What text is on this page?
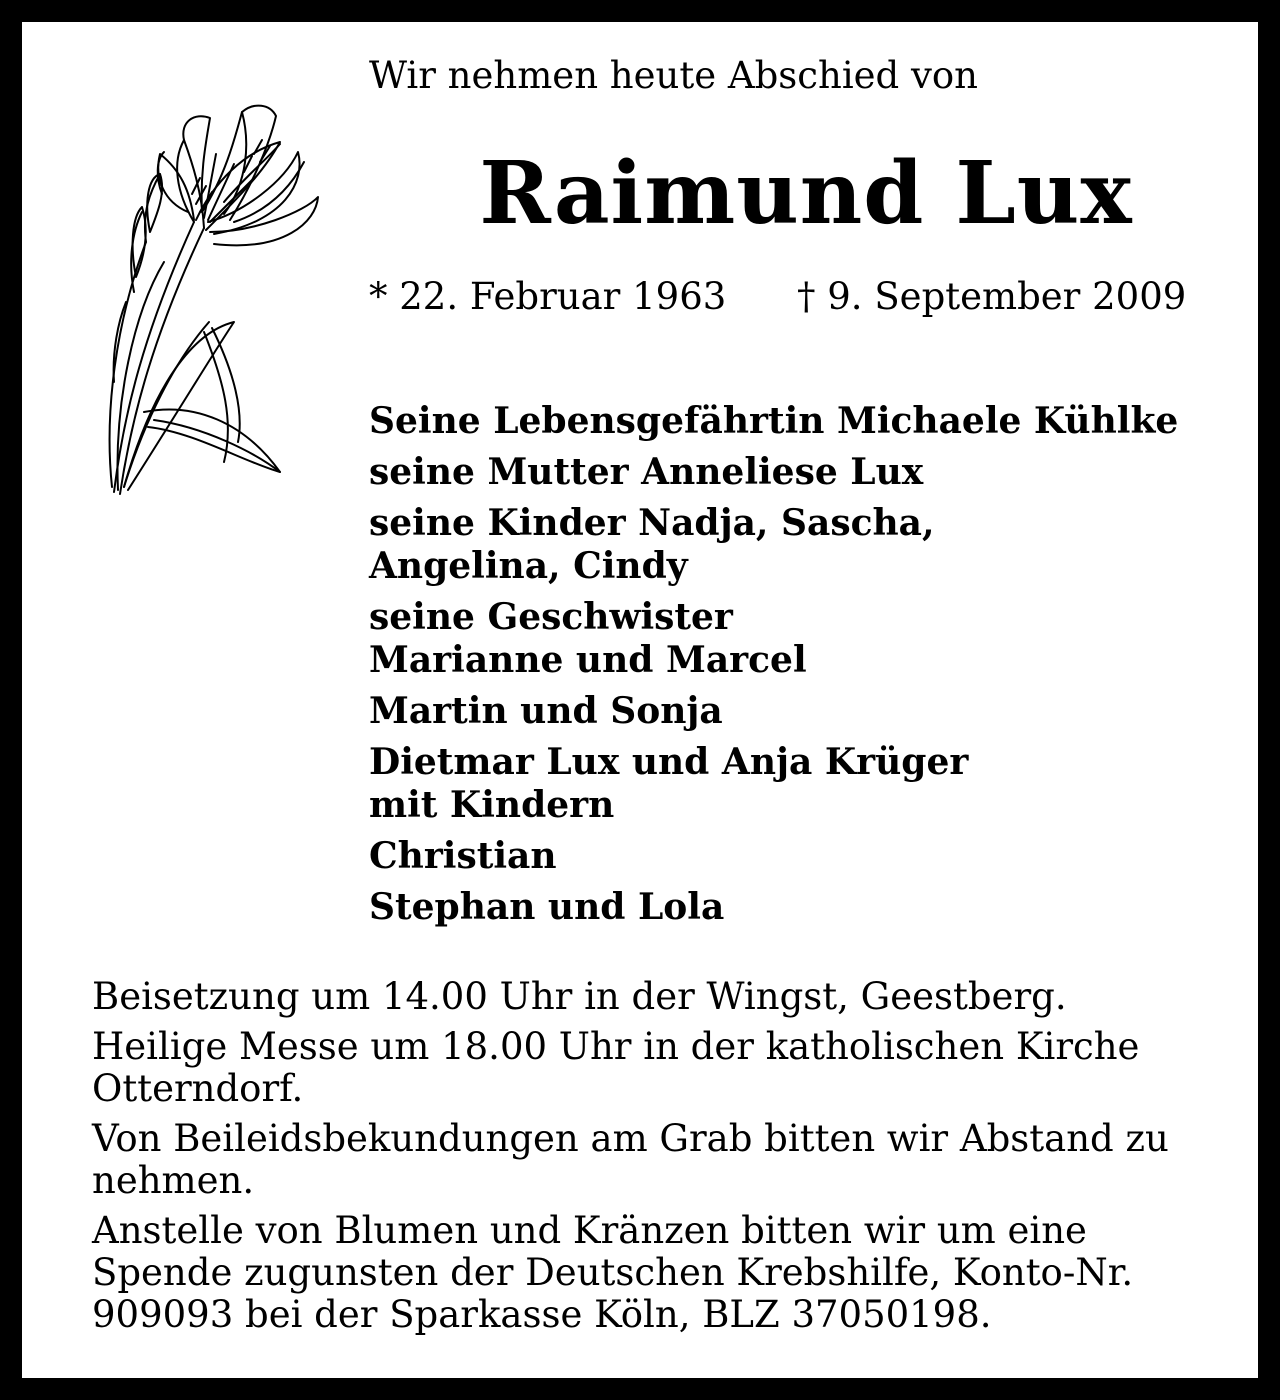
Wir nehmen heute Abschied von
Raimund Lux
* 22. Februar 1963 † 9. September 2009
Seine Lebensgefährtin Michaele Kühlke
seine Mutter Anneliese Lux
seine Kinder Nadja, Sascha,
Angelina, Cindy
seine Geschwister
Marianne und Marcel
Martin und Sonja
Dietmar Lux und Anja Krüger
mit Kindern
Christian
Stephan und Lola

Beisetzung um 14.00 Uhr in der Wingst, Geestberg.

Heilige Messe um 18.00 Uhr in der katholischen Kirche Otterndorf.

Von Beileidsbekundungen am Grab bitten wir Abstand zu nehmen.

Anstelle von Blumen und Kränzen bitten wir um eine Spende zugunsten der Deutschen Krebshilfe, Konto-Nr. 909093 bei der Sparkasse Köln, BLZ 37050198.
